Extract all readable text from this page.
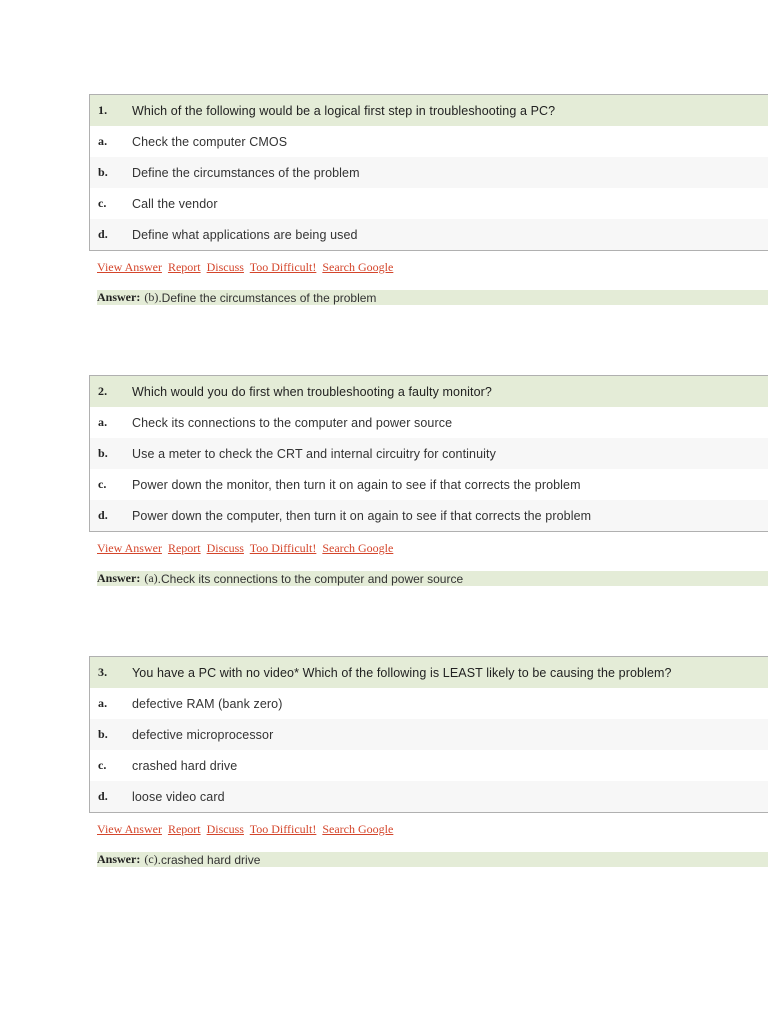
1.	Which of the following would be a logical first step in troubleshooting a PC?
a.	Check the computer CMOS
b.	Define the circumstances of the problem
c.	Call the vendor
d.	Define what applications are being used
View Answer Report Discuss Too Difficult! Search Google
Answer: (b) .Define the circumstances of the problem
2.	Which would you do first when troubleshooting a faulty monitor?
a.	Check its connections to the computer and power source
b.	Use a meter to check the CRT and internal circuitry for continuity
c.	Power down the monitor, then turn it on again to see if that corrects the problem
d.	Power down the computer, then turn it on again to see if that corrects the problem
View Answer Report Discuss Too Difficult! Search Google
Answer: (a) .Check its connections to the computer and power source
3.	You have a PC with no video* Which of the following is LEAST likely to be causing the problem?
a.	defective RAM (bank zero)
b.	defective microprocessor
c.	crashed hard drive
d.	loose video card
View Answer Report Discuss Too Difficult! Search Google
Answer: (c) .crashed hard drive
